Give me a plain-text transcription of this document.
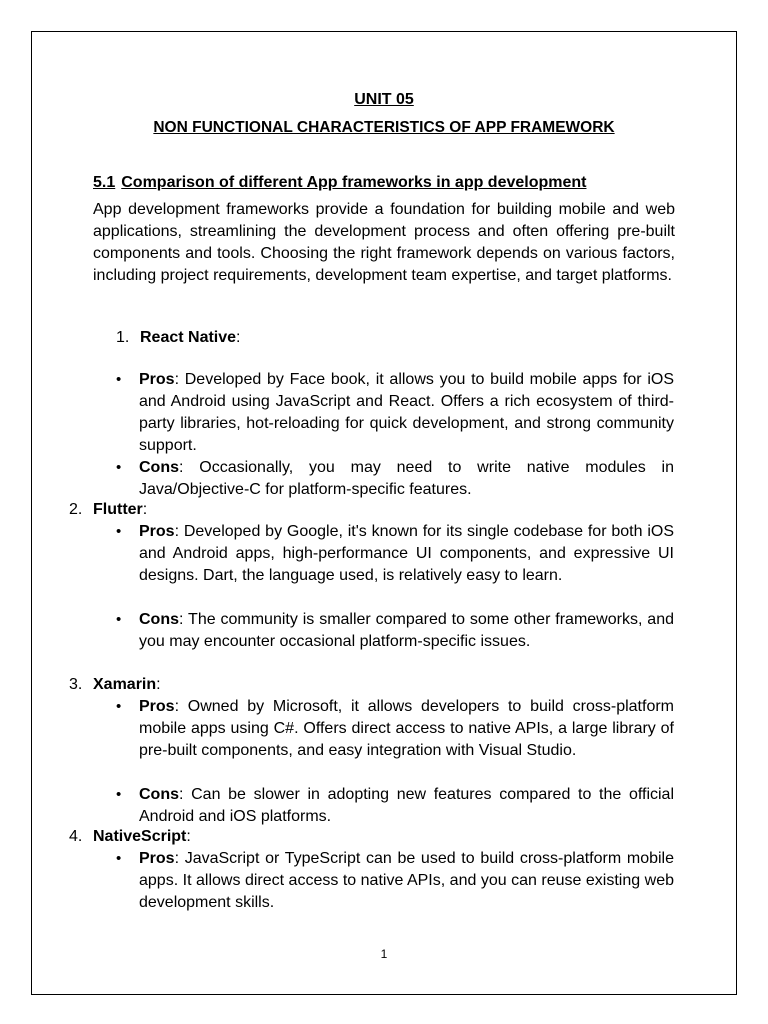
UNIT 05
NON FUNCTIONAL CHARACTERISTICS OF APP FRAMEWORK
5.1 Comparison of different App frameworks in app development

App development frameworks provide a foundation for building mobile and web applications, streamlining the development process and often offering pre-built components and tools. Choosing the right framework depends on various factors, including project requirements, development team expertise, and target platforms.

1. React Native:

• Pros: Developed by Face book, it allows you to build mobile apps for iOS and Android using JavaScript and React. Offers a rich ecosystem of third-party libraries, hot-reloading for quick development, and strong community support.
• Cons: Occasionally, you may need to write native modules in Java/Objective-C for platform-specific features.

2. Flutter:

• Pros: Developed by Google, it's known for its single codebase for both iOS and Android apps, high-performance UI components, and expressive UI designs. Dart, the language used, is relatively easy to learn.
• Cons: The community is smaller compared to some other frameworks, and you may encounter occasional platform-specific issues.

3. Xamarin:

• Pros: Owned by Microsoft, it allows developers to build cross-platform mobile apps using C#. Offers direct access to native APIs, a large library of pre-built components, and easy integration with Visual Studio.
• Cons: Can be slower in adopting new features compared to the official Android and iOS platforms.

4. NativeScript:

• Pros: JavaScript or TypeScript can be used to build cross-platform mobile apps. It allows direct access to native APIs, and you can reuse existing web development skills.

1
